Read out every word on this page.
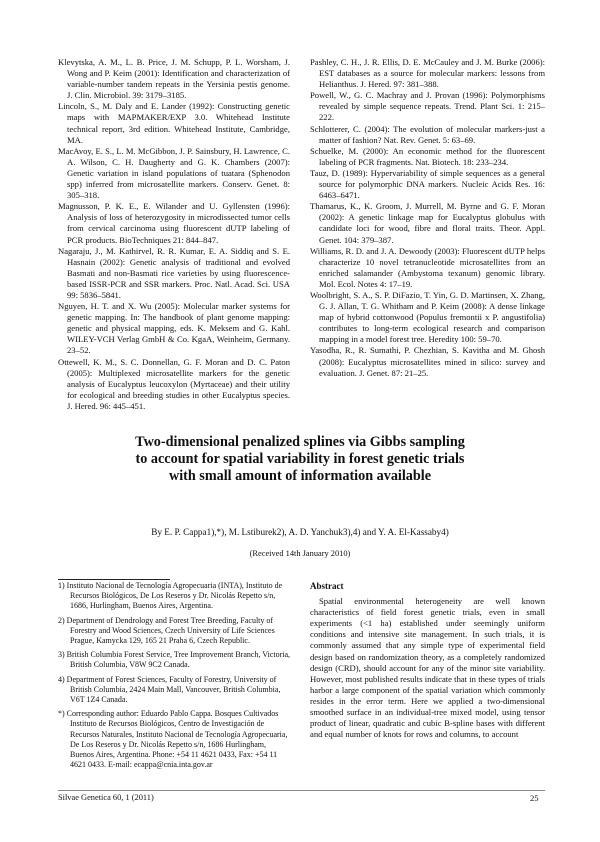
Klevytska, A. M., L. B. Price, J. M. Schupp, P. L. Worsham, J. Wong and P. Keim (2001): Identification and characterization of variable-number tandem repeats in the Yersinia pestis genome. J. Clin. Microbiol. 39: 3179–3185.

Lincoln, S., M. Daly and E. Lander (1992): Constructing genetic maps with MAPMAKER/EXP 3.0. Whitehead Institute technical report, 3rd edition. Whitehead Institute, Cambridge, MA.

MacAvoy, E. S., L. M. McGibbon, J. P. Sainsbury, H. Lawrence, C. A. Wilson, C. H. Daugherty and G. K. Chambers (2007): Genetic variation in island populations of tuatara (Sphenodon spp) inferred from microsatellite markers. Conserv. Genet. 8: 305–318.

Magnusson, P. K. E., E. Wilander and U. Gyllensten (1996): Analysis of loss of heterozygosity in microdissected tumor cells from cervical carcinoma using fluorescent dUTP labeling of PCR products. BioTechniques 21: 844–847.

Nagaraju, J., M. Kathirvel, R. R. Kumar, E. A. Siddiq and S. E. Hasnain (2002): Genetic analysis of traditional and evolved Basmati and non-Basmati rice varieties by using fluorescence-based ISSR-PCR and SSR markers. Proc. Natl. Acad. Sci. USA 99: 5836–5841.

Nguyen, H. T. and X. Wu (2005): Molecular marker systems for genetic mapping. In: The handbook of plant genome mapping: genetic and physical mapping, eds. K. Meksem and G. Kahl. WILEY-VCH Verlag GmbH & Co. KgaA, Weinheim, Germany. 23–52.

Ottewell, K. M., S. C. Donnellan, G. F. Moran and D. C. Paton (2005): Multiplexed microsatellite markers for the genetic analysis of Eucalyptus leucoxylon (Myrtaceae) and their utility for ecological and breeding studies in other Eucalyptus species. J. Hered. 96: 445–451.

Pashley, C. H., J. R. Ellis, D. E. McCauley and J. M. Burke (2006): EST databases as a source for molecular markers: lessons from Helianthus. J. Hered. 97: 381–388.

Powell, W., G. C. Machray and J. Provan (1996): Polymorphisms revealed by simple sequence repeats. Trend. Plant Sci. 1: 215–222.

Schlotterer, C. (2004): The evolution of molecular markers-just a matter of fashion? Nat. Rev. Genet. 5: 63–69.

Schuelke, M. (2000): An economic method for the fluorescent labeling of PCR fragments. Nat. Biotech. 18: 233–234.

Tauz, D. (1989): Hypervariability of simple sequences as a general source for polymorphic DNA markers. Nucleic Acids Res. 16: 6463–6471.

Thamarus, K., K. Groom, J. Murrell, M. Byrne and G. F. Moran (2002): A genetic linkage map for Eucalyptus globulus with candidate loci for wood, fibre and floral traits. Theor. Appl. Genet. 104: 379–387.

Williams, R. D. and J. A. Dewoody (2003): Fluorescent dUTP helps characterize 10 novel tetranucleotide microsatellites from an enriched salamander (Ambystoma texanum) genomic library. Mol. Ecol. Notes 4: 17–19.

Woolbright, S. A., S. P. DiFazio, T. Yin, G. D. Martinsen, X. Zhang, G. J. Allan, T. G. Whitham and P. Keim (2008): A dense linkage map of hybrid cottonwood (Populus fremontii x P. angustifolia) contributes to long-term ecological research and comparison mapping in a model forest tree. Heredity 100: 59–70.

Yasodha, R., R. Sumathi, P. Chezhian, S. Kavitha and M. Ghosh (2008): Eucalyptus microsatellites mined in silico: survey and evaluation. J. Genet. 87: 21–25.

Two-dimensional penalized splines via Gibbs sampling
to account for spatial variability in forest genetic trials
with small amount of information available
By E. P. Cappa1),*), M. Lstiburek2), A. D. Yanchuk3),4) and Y. A. El-Kassaby4)
(Received 14th January 2010)

1) Instituto Nacional de Tecnología Agropecuaria (INTA), Instituto de Recursos Biológicos, De Los Reseros y Dr. Nicolás Repetto s/n, 1686, Hurlingham, Buenos Aires, Argentina.

2) Department of Dendrology and Forest Tree Breeding, Faculty of Forestry and Wood Sciences, Czech University of Life Sciences Prague, Kamycka 129, 165 21 Praha 6, Czech Republic.

3) British Columbia Forest Service, Tree Improvement Branch, Victoria, British Columbia, V8W 9C2 Canada.

4) Department of Forest Sciences, Faculty of Forestry, University of British Columbia, 2424 Main Mall, Vancouver, British Columbia, V6T 1Z4 Canada.

*) Corresponding author: Eduardo Pablo Cappa. Bosques Cultivados Instituto de Recursos Biológicos, Centro de Investigación de Recursos Naturales, Instituto Nacional de Tecnología Agropecuaria, De Los Reseros y Dr. Nicolás Repetto s/n, 1686 Hurlingham, Buenos Aires, Argentina. Phone: +54 11 4621 0433, Fax: +54 11 4621 0433. E-mail: ecappa@cnia.inta.gov.ar

Abstract

Spatial environmental heterogeneity are well known characteristics of field forest genetic trials, even in small experiments (<1 ha) established under seemingly uniform conditions and intensive site management. In such trials, it is commonly assumed that any simple type of experimental field design based on randomization theory, as a completely randomized design (CRD), should account for any of the minor site variability. However, most published results indicate that in these types of trials harbor a large component of the spatial variation which commonly resides in the error term. Here we applied a two-dimensional smoothed surface in an individual-tree mixed model, using tensor product of linear, quadratic and cubic B-spline bases with different and equal number of knots for rows and columns, to account

Silvae Genetica 60, 1 (2011)	25
